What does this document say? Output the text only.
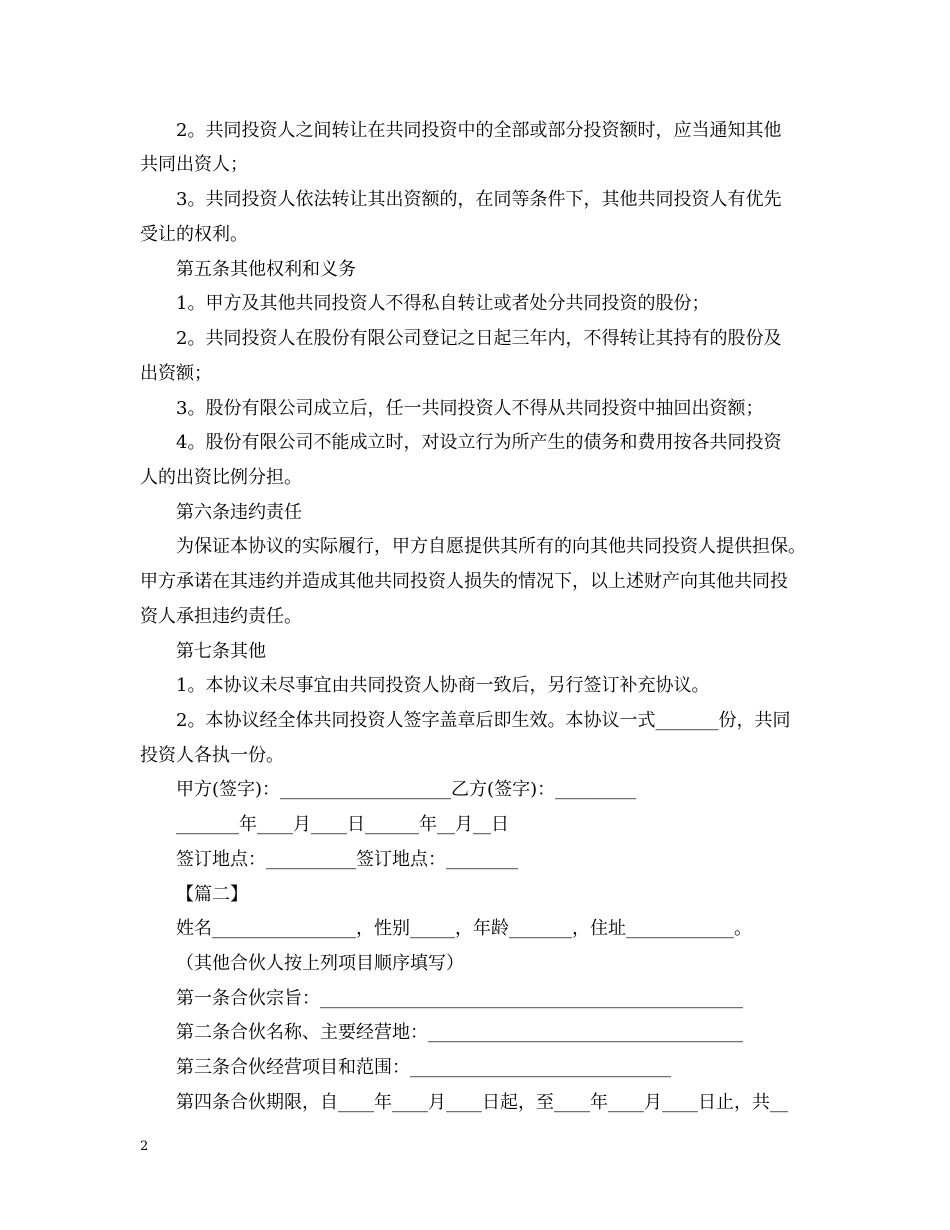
2。共同投资人之间转让在共同投资中的全部或部分投资额时，应当通知其他
共同出资人；
3。共同投资人依法转让其出资额的，在同等条件下，其他共同投资人有优先
受让的权利。
第五条其他权利和义务
1。甲方及其他共同投资人不得私自转让或者处分共同投资的股份；
2。共同投资人在股份有限公司登记之日起三年内，不得转让其持有的股份及
出资额；
3。股份有限公司成立后，任一共同投资人不得从共同投资中抽回出资额；
4。股份有限公司不能成立时，对设立行为所产生的债务和费用按各共同投资
人的出资比例分担。
第六条违约责任
为保证本协议的实际履行，甲方自愿提供其所有的向其他共同投资人提供担保。
甲方承诺在其违约并造成其他共同投资人损失的情况下，以上述财产向其他共同投
资人承担违约责任。
第七条其他
1。本协议未尽事宜由共同投资人协商一致后，另行签订补充协议。
2。本协议经全体共同投资人签字盖章后即生效。本协议一式_______份，共同
投资人各执一份。
甲方(签字)：___________________乙方(签字)：_________
_______年____月____日______年__月__日
签订地点：__________签订地点：________
【篇二】
姓名________________，性别_____，年龄_______，住址____________。
（其他合伙人按上列项目顺序填写）
第一条合伙宗旨：_______________________________________________
第二条合伙名称、主要经营地：___________________________________
第三条合伙经营项目和范围：_____________________________
第四条合伙期限，自____年____月____日起，至____年____月____日止，共__
2
